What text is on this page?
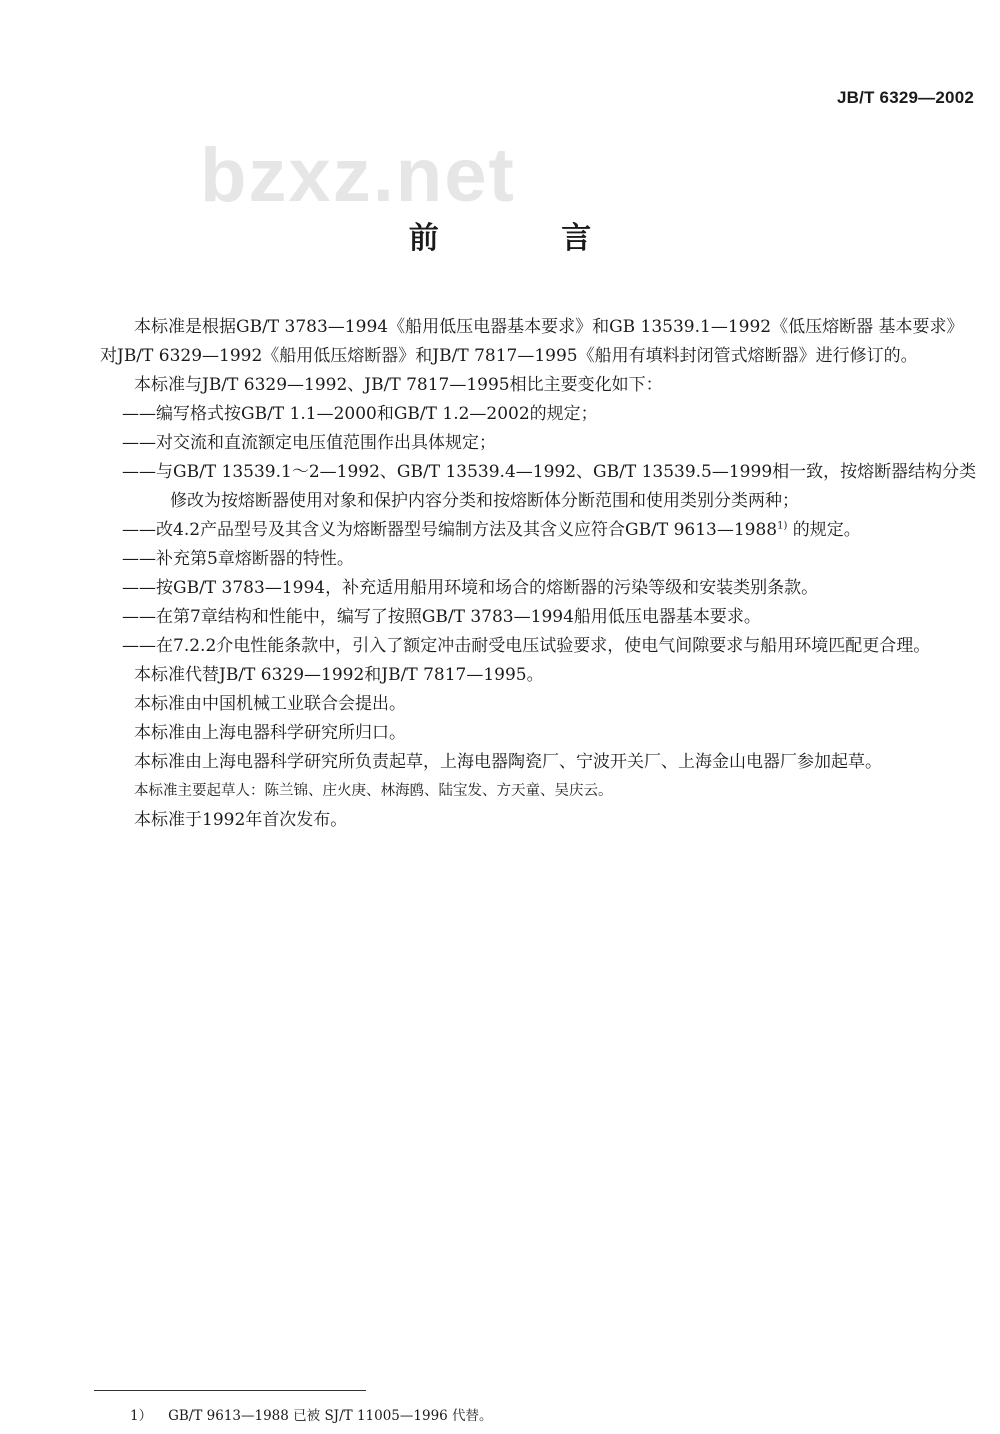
JB/T 6329—2002
bzxz.net
前 言

本标准是根据GB/T 3783—1994《船用低压电器基本要求》和GB 13539.1—1992《低压熔断器 基本要求》对JB/T 6329—1992《船用低压熔断器》和JB/T 7817—1995《船用有填料封闭管式熔断器》进行修订的。

本标准与JB/T 6329—1992、JB/T 7817—1995相比主要变化如下：

——编写格式按GB/T 1.1—2000和GB/T 1.2—2002的规定；

——对交流和直流额定电压值范围作出具体规定；

——与GB/T 13539.1～2—1992、GB/T 13539.4—1992、GB/T 13539.5—1999相一致，按熔断器结构分类修改为按熔断器使用对象和保护内容分类和按熔断体分断范围和使用类别分类两种；

——改4.2产品型号及其含义为熔断器型号编制方法及其含义应符合GB/T 9613—1988$^{1)}$ 的规定。

——补充第5章熔断器的特性。

——按GB/T 3783—1994，补充适用船用环境和场合的熔断器的污染等级和安装类别条款。

——在第7章结构和性能中，编写了按照GB/T 3783—1994船用低压电器基本要求。

——在7.2.2介电性能条款中，引入了额定冲击耐受电压试验要求，使电气间隙要求与船用环境匹配更合理。

本标准代替JB/T 6329—1992和JB/T 7817—1995。

本标准由中国机械工业联合会提出。

本标准由上海电器科学研究所归口。

本标准由上海电器科学研究所负责起草，上海电器陶瓷厂、宁波开关厂、上海金山电器厂参加起草。

本标准主要起草人：陈兰锦、庄火庚、林海鸥、陆宝发、方天童、吴庆云。

本标准于1992年首次发布。

1） GB/T 9613—1988 已被 SJ/T 11005—1996 代替。
